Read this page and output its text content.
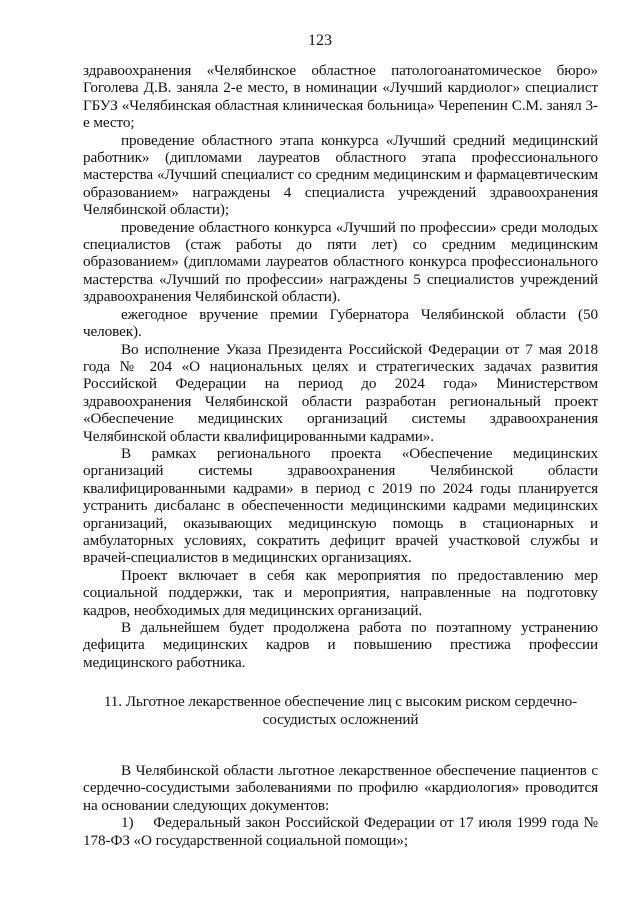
123

здравоохранения «Челябинское областное патологоанатомическое бюро» Гоголева Д.В. заняла 2-е место, в номинации «Лучший кардиолог» специалист ГБУЗ «Челябинская областная клиническая больница» Черепенин С.М. занял 3-е место;

проведение областного этапа конкурса «Лучший средний медицинский работник» (дипломами лауреатов областного этапа профессионального мастерства «Лучший специалист со средним медицинским и фармацевтическим образованием» награждены 4 специалиста учреждений здравоохранения Челябинской области);

проведение областного конкурса «Лучший по профессии» среди молодых специалистов (стаж работы до пяти лет) со средним медицинским образованием» (дипломами лауреатов областного конкурса профессионального мастерства «Лучший по профессии» награждены 5 специалистов учреждений здравоохранения Челябинской области).

ежегодное вручение премии Губернатора Челябинской области (50 человек).

Во исполнение Указа Президента Российской Федерации от 7 мая 2018 года № 204 «О национальных целях и стратегических задачах развития Российской Федерации на период до 2024 года» Министерством здравоохранения Челябинской области разработан региональный проект «Обеспечение медицинских организаций системы здравоохранения Челябинской области квалифицированными кадрами».

В рамках регионального проекта «Обеспечение медицинских организаций системы здравоохранения Челябинской области квалифицированными кадрами» в период с 2019 по 2024 годы планируется устранить дисбаланс в обеспеченности медицинскими кадрами медицинских организаций, оказывающих медицинскую помощь в стационарных и амбулаторных условиях, сократить дефицит врачей участковой службы и врачей-специалистов в медицинских организациях.

Проект включает в себя как мероприятия по предоставлению мер социальной поддержки, так и мероприятия, направленные на подготовку кадров, необходимых для медицинских организаций.

В дальнейшем будет продолжена работа по поэтапному устранению дефицита медицинских кадров и повышению престижа профессии медицинского работника.

11. Льготное лекарственное обеспечение лиц с высоким риском сердечно-сосудистых осложнений

В Челябинской области льготное лекарственное обеспечение пациентов с сердечно-сосудистыми заболеваниями по профилю «кардиология» проводится на основании следующих документов:

1)    Федеральный закон Российской Федерации от 17 июля 1999 года № 178-ФЗ «О государственной социальной помощи»;
